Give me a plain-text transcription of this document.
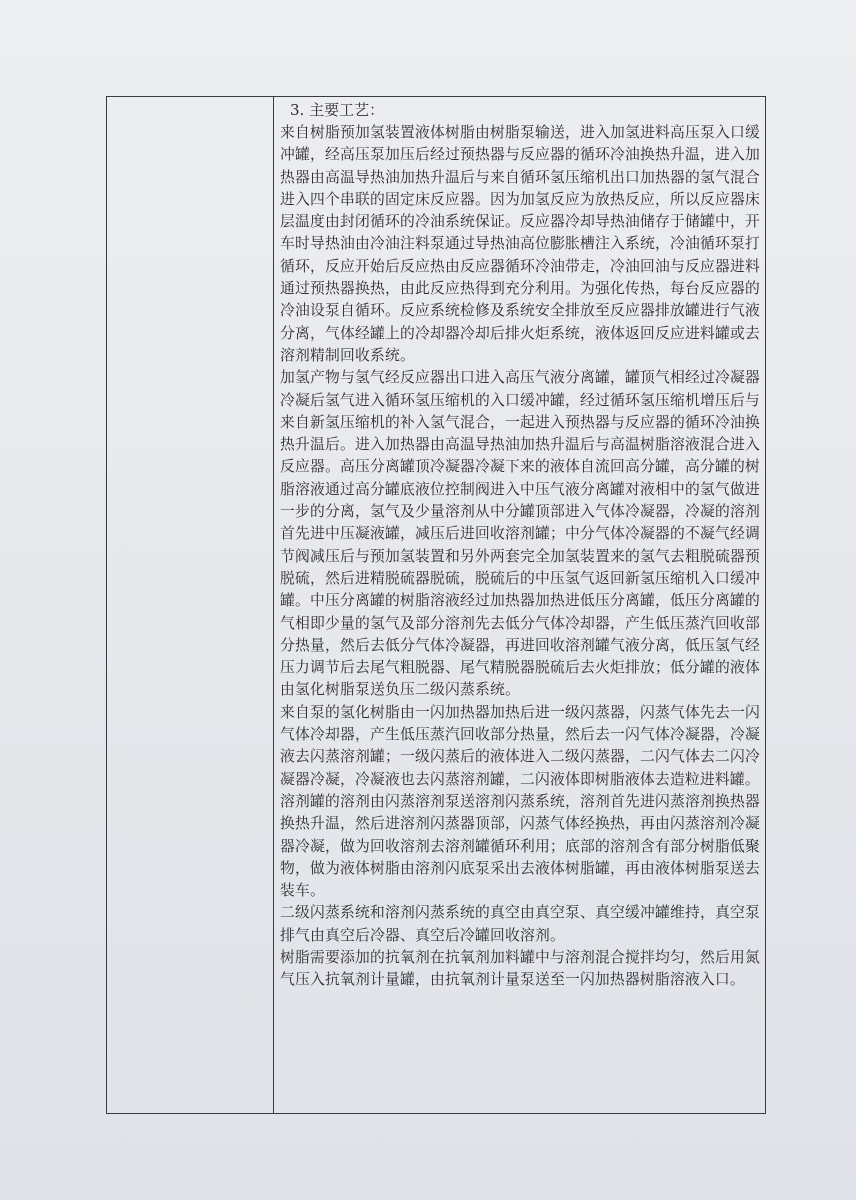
3. 主要工艺：

来自树脂预加氢装置液体树脂由树脂泵输送，进入加氢进料高压泵入口缓冲罐，经高压泵加压后经过预热器与反应器的循环冷油换热升温，进入加热器由高温导热油加热升温后与来自循环氢压缩机出口加热器的氢气混合进入四个串联的固定床反应器。因为加氢反应为放热反应，所以反应器床层温度由封闭循环的冷油系统保证。反应器冷却导热油储存于储罐中，开车时导热油由冷油注料泵通过导热油高位膨胀槽注入系统，冷油循环泵打循环，反应开始后反应热由反应器循环冷油带走，冷油回油与反应器进料通过预热器换热，由此反应热得到充分利用。为强化传热，每台反应器的冷油设泵自循环。反应系统检修及系统安全排放至反应器排放罐进行气液分离，气体经罐上的冷却器冷却后排火炬系统，液体返回反应进料罐或去溶剂精制回收系统。

加氢产物与氢气经反应器出口进入高压气液分离罐，罐顶气相经过冷凝器冷凝后氢气进入循环氢压缩机的入口缓冲罐，经过循环氢压缩机增压后与来自新氢压缩机的补入氢气混合，一起进入预热器与反应器的循环冷油换热升温后。进入加热器由高温导热油加热升温后与高温树脂溶液混合进入反应器。高压分离罐顶冷凝器冷凝下来的液体自流回高分罐，高分罐的树脂溶液通过高分罐底液位控制阀进入中压气液分离罐对液相中的氢气做进一步的分离，氢气及少量溶剂从中分罐顶部进入气体冷凝器，冷凝的溶剂首先进中压凝液罐，减压后进回收溶剂罐；中分气体冷凝器的不凝气经调节阀减压后与预加氢装置和另外两套完全加氢装置来的氢气去粗脱硫器预脱硫，然后进精脱硫器脱硫，脱硫后的中压氢气返回新氢压缩机入口缓冲罐。中压分离罐的树脂溶液经过加热器加热进低压分离罐，低压分离罐的气相即少量的氢气及部分溶剂先去低分气体冷却器，产生低压蒸汽回收部分热量，然后去低分气体冷凝器，再进回收溶剂罐气液分离，低压氢气经压力调节后去尾气粗脱器、尾气精脱器脱硫后去火炬排放；低分罐的液体由氢化树脂泵送负压二级闪蒸系统。

来自泵的氢化树脂由一闪加热器加热后进一级闪蒸器，闪蒸气体先去一闪气体冷却器，产生低压蒸汽回收部分热量，然后去一闪气体冷凝器，冷凝液去闪蒸溶剂罐；一级闪蒸后的液体进入二级闪蒸器，二闪气体去二闪冷凝器冷凝，冷凝液也去闪蒸溶剂罐，二闪液体即树脂液体去造粒进料罐。

溶剂罐的溶剂由闪蒸溶剂泵送溶剂闪蒸系统，溶剂首先进闪蒸溶剂换热器换热升温，然后进溶剂闪蒸器顶部，闪蒸气体经换热，再由闪蒸溶剂冷凝器冷凝，做为回收溶剂去溶剂罐循环利用；底部的溶剂含有部分树脂低聚物，做为液体树脂由溶剂闪底泵采出去液体树脂罐，再由液体树脂泵送去装车。

二级闪蒸系统和溶剂闪蒸系统的真空由真空泵、真空缓冲罐维持，真空泵排气由真空后冷器、真空后冷罐回收溶剂。

树脂需要添加的抗氧剂在抗氧剂加料罐中与溶剂混合搅拌均匀，然后用氮气压入抗氧剂计量罐，由抗氧剂计量泵送至一闪加热器树脂溶液入口。
